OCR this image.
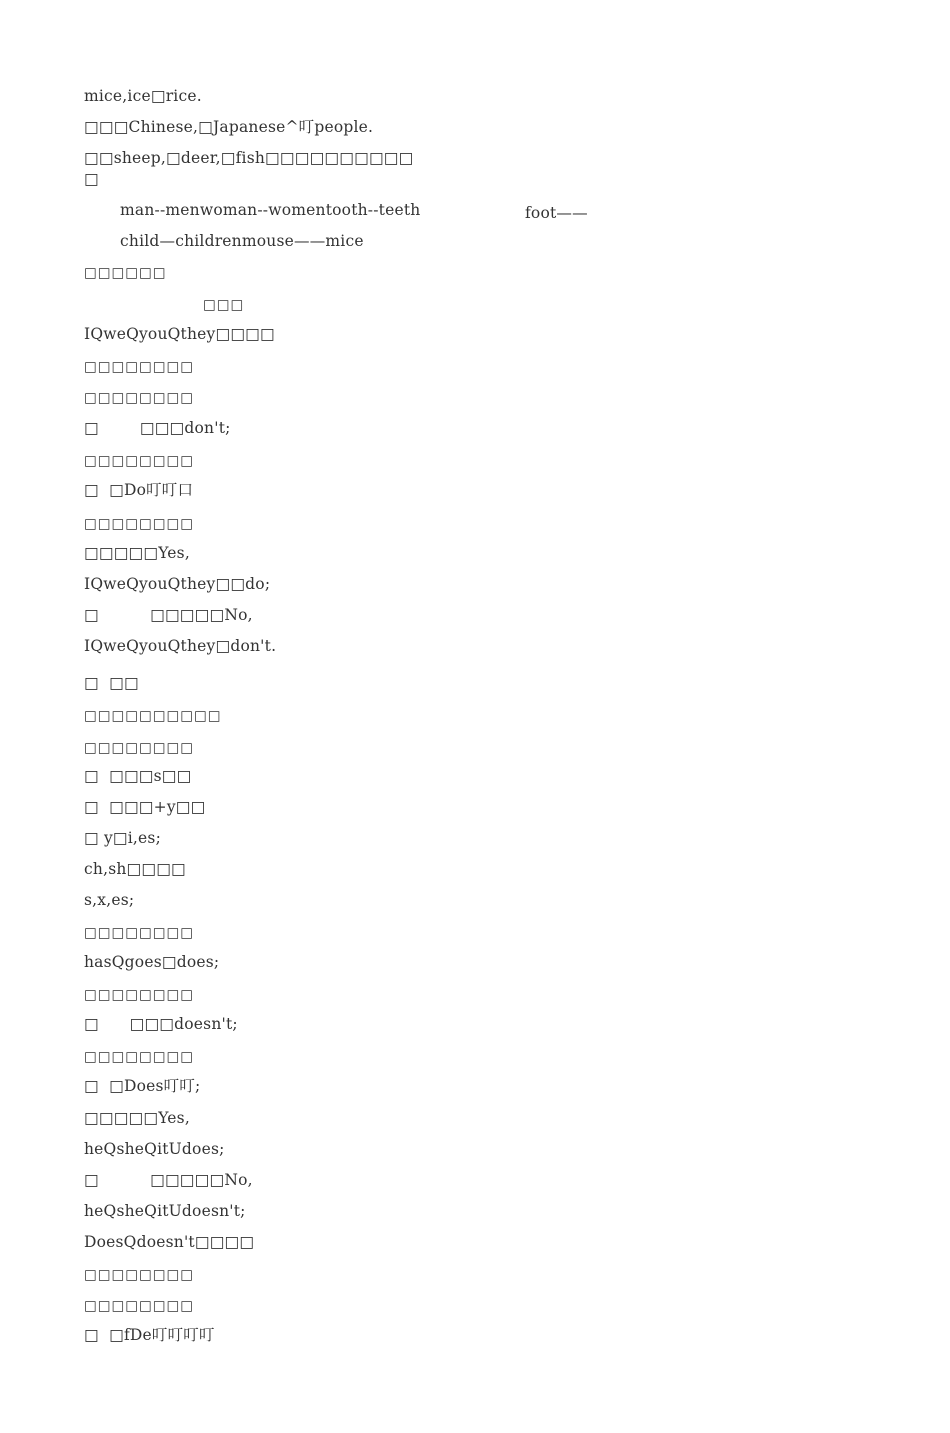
mice,ice□rice.
□□□Chinese,□Japanese^叮people.
□□sheep,□deer,□fish□□□□□□□□□□
□
man--menwoman--womentooth--teeth	foot——
child—childrenmouse——mice
□□□□□□
□□□
IQweQyouQthey□□□□
□□□□□□□□
□□□□□□□□
□        □□□don't;
□□□□□□□□
□  □Do叮叮口
□□□□□□□□
□□□□□Yes,
IQweQyouQthey□□do;
□          □□□□□No,
IQweQyouQthey□don't.
□  □□
□□□□□□□□□□
□□□□□□□□
□  □□□s□□
□  □□□+y□□
□ y□i,es;
ch,sh□□□□
s,x,es;
□□□□□□□□
hasQgoes□does;
□□□□□□□□
□      □□□doesn't;
□□□□□□□□
□  □Does叮叮;
□□□□□Yes,
heQsheQitUdoes;
□          □□□□□No,
heQsheQitUdoesn't;
DoesQdoesn't□□□□
□□□□□□□□
□□□□□□□□
□  □fDe叮叮叮叮
